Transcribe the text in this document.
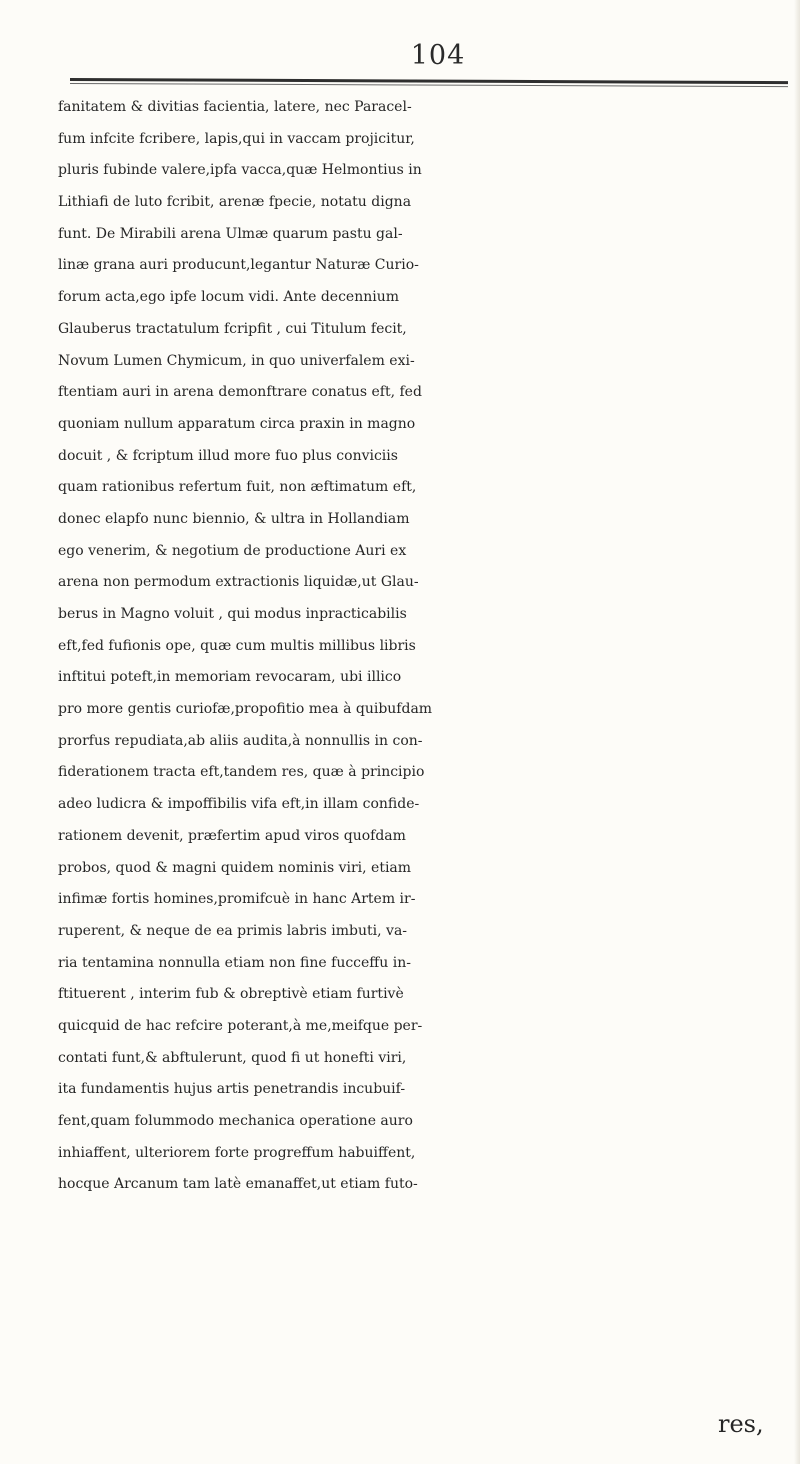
104
fanitatem & divitias facientia, latere, nec Paracel-
fum infcite fcribere, lapis,qui in vaccam projicitur,
pluris fubinde valere,ipfa vacca,quæ Helmontius in
Lithiafi de luto fcribit, arenæ fpecie, notatu digna
funt. De Mirabili arena Ulmæ quarum pastu gal-
linæ grana auri producunt,legantur Naturæ Curio-
forum acta,ego ipfe locum vidi. Ante decennium
Glauberus tractatulum fcripfit , cui Titulum fecit,
Novum Lumen Chymicum, in quo univerfalem exi-
ftentiam auri in arena demonftrare conatus eft, fed
quoniam nullum apparatum circa praxin in magno
docuit , & fcriptum illud more fuo plus conviciis
quam rationibus refertum fuit, non æftimatum eft,
donec elapfo nunc biennio, & ultra in Hollandiam
ego venerim, & negotium de productione Auri ex
arena non permodum extractionis liquidæ,ut Glau-
berus in Magno voluit , qui modus inpracticabilis
eft,fed fufionis ope, quæ cum multis millibus libris
inftitui poteft,in memoriam revocaram, ubi illico
pro more gentis curiofæ,propofitio mea à quibufdam
prorfus repudiata,ab aliis audita,à nonnullis in con-
fiderationem tracta eft,tandem res, quæ à principio
adeo ludicra & impoffibilis vifa eft,in illam confide-
rationem devenit, præfertim apud viros quofdam
probos, quod & magni quidem nominis viri, etiam
infimæ fortis homines,promifcuè in hanc Artem ir-
ruperent, & neque de ea primis labris imbuti, va-
ria tentamina nonnulla etiam non fine fucceffu in-
ftituerent , interim fub & obreptivè etiam furtivè
quicquid de hac refcire poterant,à me,meifque per-
contati funt,& abftulerunt, quod fi ut honefti viri,
ita fundamentis hujus artis penetrandis incubuif-
fent,quam folummodo mechanica operatione auro
inhiaffent, ulteriorem forte progreffum habuiffent,
hocque Arcanum tam latè emanaffet,ut etiam futo-
res,
